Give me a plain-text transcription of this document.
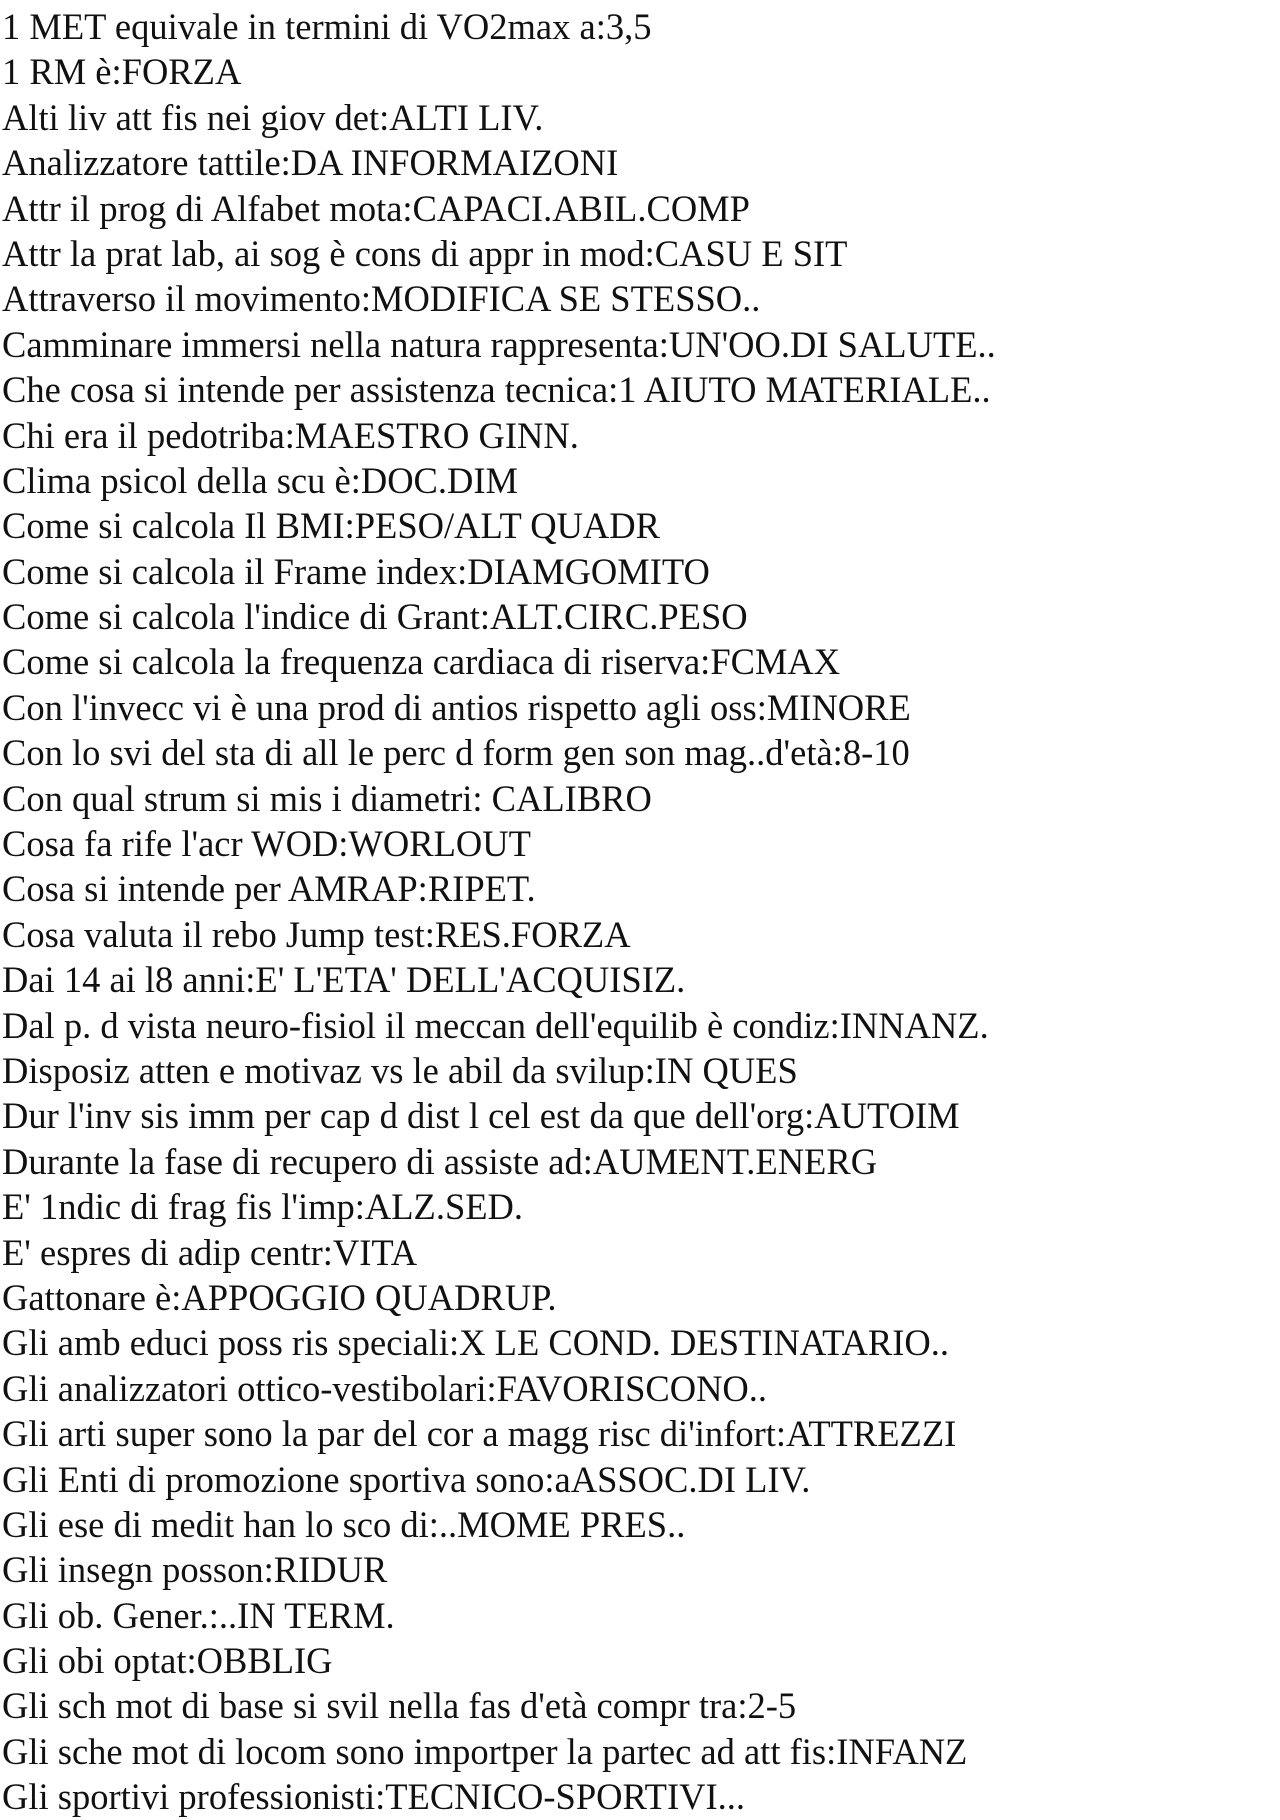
1 MET equivale in termini di VO2max a:3,5
1 RM è:FORZA
Alti liv att fis nei giov det:ALTI LIV.
Analizzatore tattile:DA INFORMAIZONI
Attr il prog di Alfabet mota:CAPACI.ABIL.COMP
Attr la prat lab, ai sog è cons di appr in mod:CASU E SIT
Attraverso il movimento:MODIFICA SE STESSO..
Camminare immersi nella natura rappresenta:UN'OO.DI SALUTE..
Che cosa si intende per assistenza tecnica:1 AIUTO MATERIALE..
Chi era il pedotriba:MAESTRO GINN.
Clima psicol della scu è:DOC.DIM
Come si calcola Il BMI:PESO/ALT QUADR
Come si calcola il Frame index:DIAMGOMITO
Come si calcola l'indice di Grant:ALT.CIRC.PESO
Come si calcola la frequenza cardiaca di riserva:FCMAX
Con l'invecc vi è una prod di antios rispetto agli oss:MINORE
Con lo svi del sta di all le perc d form gen son mag..d'età:8-10
Con qual strum si mis i diametri: CALIBRO
Cosa fa rife l'acr WOD:WORLOUT
Cosa si intende per AMRAP:RIPET.
Cosa valuta il rebo Jump test:RES.FORZA
Dai 14 ai l8 anni:E' L'ETA' DELL'ACQUISIZ.
Dal p. d vista neuro-fisiol il meccan dell'equilib è condiz:INNANZ.
Disposiz atten e motivaz vs le abil da svilup:IN QUES
Dur l'inv sis imm per cap d dist l cel est da que dell'org:AUTOIM
Durante la fase di recupero di assiste ad:AUMENT.ENERG
E' 1ndic di frag fis l'imp:ALZ.SED.
E' espres di adip centr:VITA
Gattonare è:APPOGGIO QUADRUP.
Gli amb educi poss ris speciali:X LE COND. DESTINATARIO..
Gli analizzatori ottico-vestibolari:FAVORISCONO..
Gli arti super sono la par del cor a magg risc di'infort:ATTREZZI
Gli Enti di promozione sportiva sono:aASSOC.DI LIV.
Gli ese di medit han lo sco di:..MOME PRES..
Gli insegn posson:RIDUR
Gli ob. Gener.:..IN TERM.
Gli obi optat:OBBLIG
Gli sch mot di base si svil nella fas d'età compr tra:2-5
Gli sche mot di locom sono importper la partec ad att fis:INFANZ
Gli sportivi professionisti:TECNICO-SPORTIVI...
